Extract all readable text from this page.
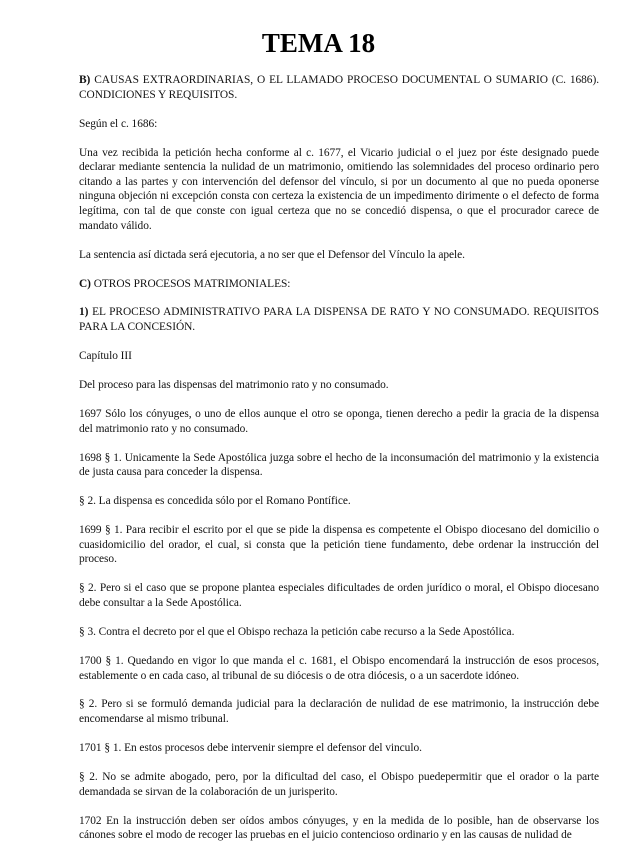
TEMA 18

B) CAUSAS EXTRAORDINARIAS, O EL LLAMADO PROCESO DOCUMENTAL O SUMARIO (C. 1686). CONDICIONES Y REQUISITOS.

Según el c. 1686:

Una vez recibida la petición hecha conforme al c. 1677, el Vicario judicial o el juez por éste designado puede declarar mediante sentencia la nulidad de un matrimonio, omitiendo las solemnidades del proceso ordinario pero citando a las partes y con intervención del defensor del vínculo, si por un documento al que no pueda oponerse ninguna objeción ni excepción consta con certeza la existencia de un impedimento dirimente o el defecto de forma legítima, con tal de que conste con igual certeza que no se concedió dispensa, o que el procurador carece de mandato válido.

La sentencia así dictada será ejecutoria, a no ser que el Defensor del Vínculo la apele.

C) OTROS PROCESOS MATRIMONIALES:

1) EL PROCESO ADMINISTRATIVO PARA LA DISPENSA DE RATO Y NO CONSUMADO. REQUISITOS PARA LA CONCESIÓN.

Capítulo III

Del proceso para las dispensas del matrimonio rato y no consumado.

1697 Sólo los cónyuges, o uno de ellos aunque el otro se oponga, tienen derecho a pedir la gracia de la dispensa del matrimonio rato y no consumado.

1698 § 1. Unicamente la Sede Apostólica juzga sobre el hecho de la inconsumación del matrimonio y la existencia de justa causa para conceder la dispensa.

§ 2. La dispensa es concedida sólo por el Romano Pontífice.

1699 § 1. Para recibir el escrito por el que se pide la dispensa es competente el Obispo diocesano del domicilio o cuasidomicilio del orador, el cual, si consta que la petición tiene fundamento, debe ordenar la instrucción del proceso.

§ 2. Pero si el caso que se propone plantea especiales dificultades de orden jurídico o moral, el Obispo diocesano debe consultar a la Sede Apostólica.

§ 3. Contra el decreto por el que el Obispo rechaza la petición cabe recurso a la Sede Apostólica.

1700 § 1. Quedando en vigor lo que manda el c. 1681, el Obispo encomendará la instrucción de esos procesos, establemente o en cada caso, al tribunal de su diócesis o de otra diócesis, o a un sacerdote idóneo.

§ 2. Pero si se formuló demanda judicial para la declaración de nulidad de ese matrimonio, la instrucción debe encomendarse al mismo tribunal.

1701 § 1. En estos procesos debe intervenir siempre el defensor del vinculo.

§ 2. No se admite abogado, pero, por la dificultad del caso, el Obispo puedepermitir que el orador o la parte demandada se sirvan de la colaboración de un jurisperito.

1702 En la instrucción deben ser oídos ambos cónyuges, y en la medida de lo posible, han de observarse los cánones sobre el modo de recoger las pruebas en el juicio contencioso ordinario y en las causas de nulidad de
